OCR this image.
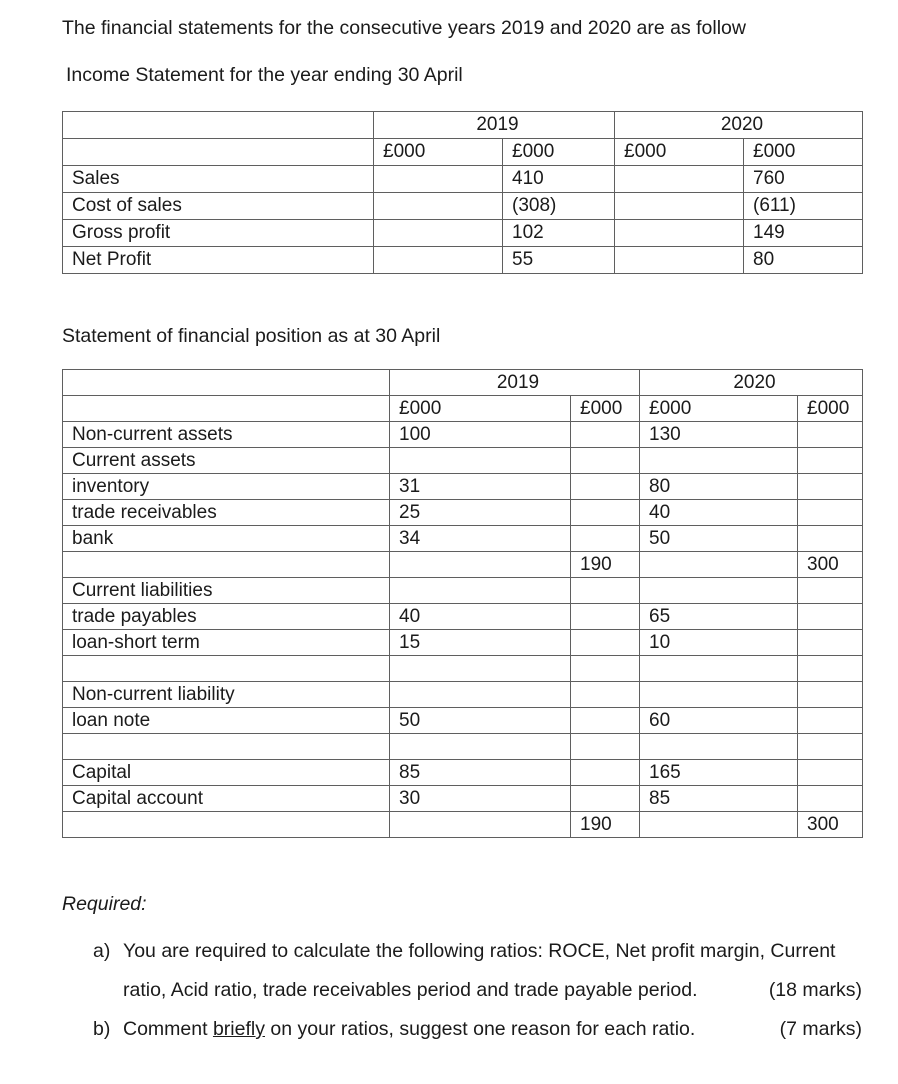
The financial statements for the consecutive years 2019 and 2020 are as follow

Income Statement for the year ending 30 April

	2019		2020	
	£000	£000	£000	£000
Sales		410		760
Cost of sales		(308)		(611)
Gross profit		102		149
Net Profit		55		80

Statement of financial position as at 30 April

	2019		2020	
	£000	£000	£000	£000
Non-current assets	100		130	
Current assets				
inventory	31		80	
trade receivables	25		40	
bank	34		50	
		190		300
Current liabilities				
trade payables	40		65	
loan-short term	15		10	

Non-current liability				
loan note	50		60	

Capital	85		165	
Capital account	30		85	
		190		300

Required:

a) You are required to calculate the following ratios: ROCE, Net profit margin, Current
ratio, Acid ratio, trade receivables period and trade payable period.	(18 marks)
b) Comment briefly on your ratios, suggest one reason for each ratio.	(7 marks)
